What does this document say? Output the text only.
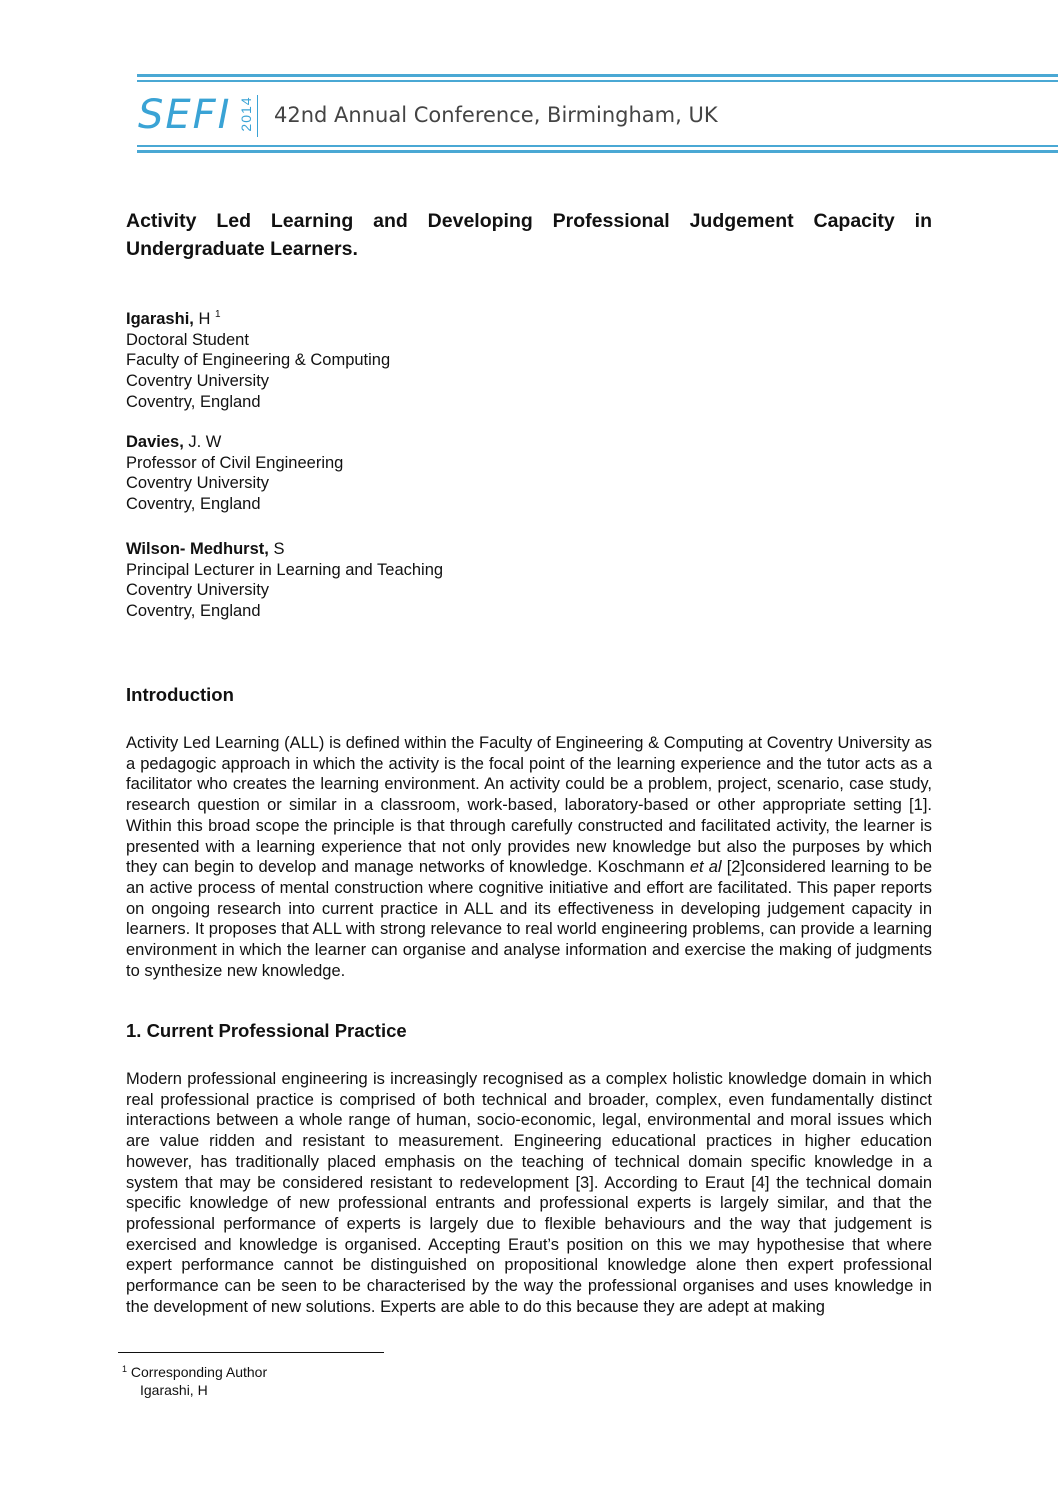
SEFI 2014 42nd Annual Conference, Birmingham, UK
Activity Led Learning and Developing Professional Judgement Capacity in Undergraduate Learners.
Igarashi, H $^1$
Doctoral Student
Faculty of Engineering & Computing
Coventry University
Coventry, England
Davies, J. W
Professor of Civil Engineering
Coventry University
Coventry, England
Wilson- Medhurst, S
Principal Lecturer in Learning and Teaching
Coventry University
Coventry, England
Introduction

Activity Led Learning (ALL) is defined within the Faculty of Engineering & Computing at Coventry University as a pedagogic approach in which the activity is the focal point of the learning experience and the tutor acts as a facilitator who creates the learning environment. An activity could be a problem, project, scenario, case study, research question or similar in a classroom, work-based, laboratory-based or other appropriate setting [1]. Within this broad scope the principle is that through carefully constructed and facilitated activity, the learner is presented with a learning experience that not only provides new knowledge but also the purposes by which they can begin to develop and manage networks of knowledge. Koschmann et al [2]considered learning to be an active process of mental construction where cognitive initiative and effort are facilitated. This paper reports on ongoing research into current practice in ALL and its effectiveness in developing judgement capacity in learners. It proposes that ALL with strong relevance to real world engineering problems, can provide a learning environment in which the learner can organise and analyse information and exercise the making of judgments to synthesize new knowledge.

1. Current Professional Practice

Modern professional engineering is increasingly recognised as a complex holistic knowledge domain in which real professional practice is comprised of both technical and broader, complex, even fundamentally distinct interactions between a whole range of human, socio-economic, legal, environmental and moral issues which are value ridden and resistant to measurement. Engineering educational practices in higher education however, has traditionally placed emphasis on the teaching of technical domain specific knowledge in a system that may be considered resistant to redevelopment [3]. According to Eraut [4] the technical domain specific knowledge of new professional entrants and professional experts is largely similar, and that the professional performance of experts is largely due to flexible behaviours and the way that judgement is exercised and knowledge is organised. Accepting Eraut’s position on this we may hypothesise that where expert performance cannot be distinguished on propositional knowledge alone then expert professional performance can be seen to be characterised by the way the professional organises and uses knowledge in the development of new solutions. Experts are able to do this because they are adept at making

$^1$ Corresponding Author
Igarashi, H
